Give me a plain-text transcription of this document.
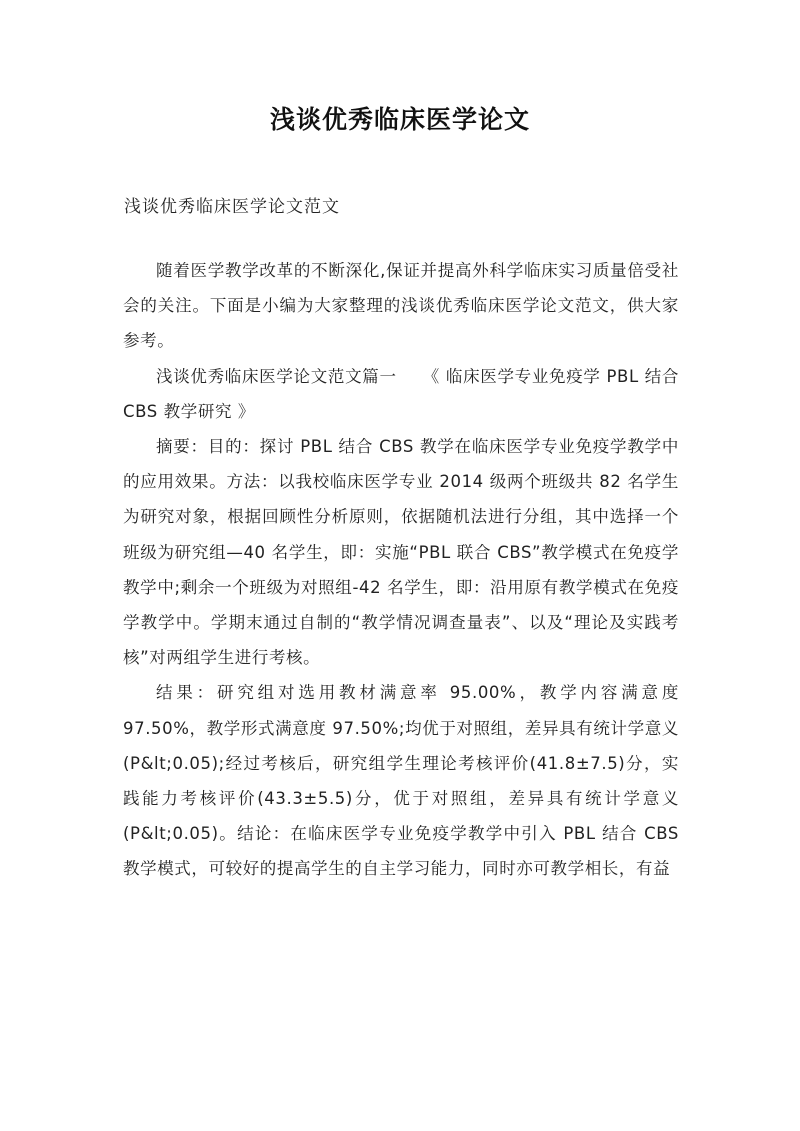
浅谈优秀临床医学论文
浅谈优秀临床医学论文范文

随着医学教学改革的不断深化,保证并提高外科学临床实习质量倍受社会的关注。下面是小编为大家整理的浅谈优秀临床医学论文范文，供大家参考。

浅谈优秀临床医学论文范文篇一　　《 临床医学专业免疫学 PBL 结合 CBS 教学研究 》

摘要：目的：探讨 PBL 结合 CBS 教学在临床医学专业免疫学教学中的应用效果。方法：以我校临床医学专业 2014 级两个班级共 82 名学生为研究对象，根据回顾性分析原则，依据随机法进行分组，其中选择一个班级为研究组—40 名学生，即：实施“PBL 联合 CBS”教学模式在免疫学教学中;剩余一个班级为对照组-42 名学生，即：沿用原有教学模式在免疫学教学中。学期末通过自制的“教学情况调查量表”、以及“理论及实践考核”对两组学生进行考核。

结果：研究组对选用教材满意率 95.00%，教学内容满意度 97.50%，教学形式满意度 97.50%;均优于对照组，差异具有统计学意义(P&lt;0.05);经过考核后，研究组学生理论考核评价(41.8±7.5)分，实践能力考核评价(43.3±5.5)分，优于对照组，差异具有统计学意义(P&lt;0.05)。结论：在临床医学专业免疫学教学中引入 PBL 结合 CBS 教学模式，可较好的提高学生的自主学习能力，同时亦可教学相长，有益
